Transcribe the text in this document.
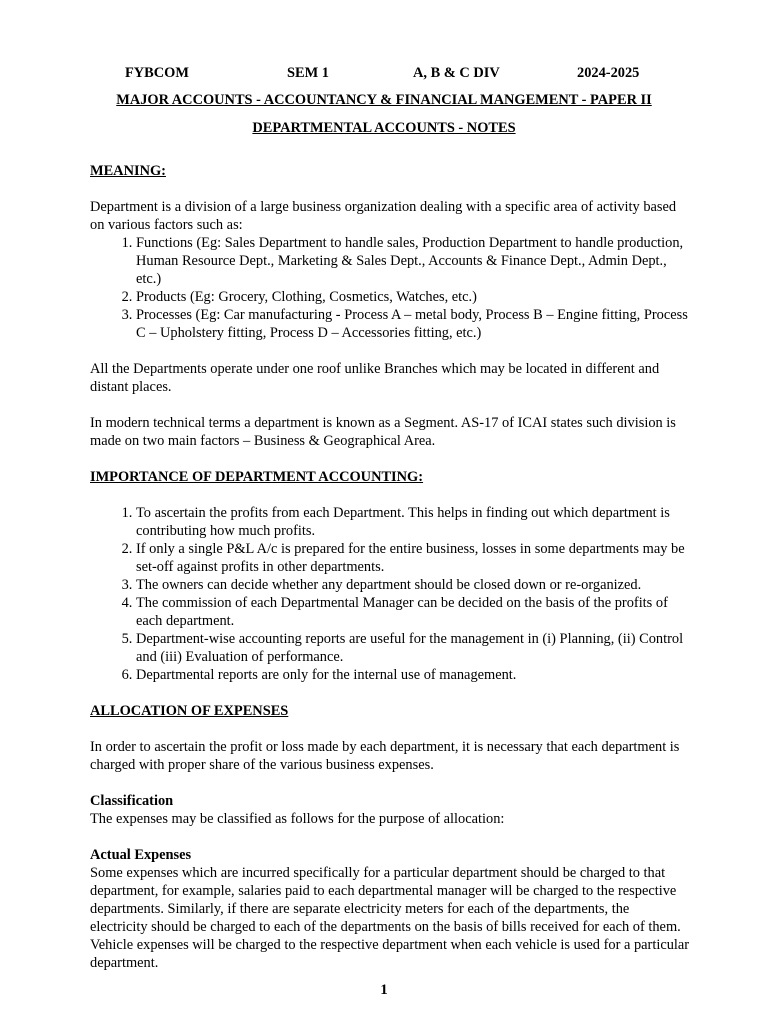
FYBCOM	SEM 1	A, B & C DIV	2024-2025
MAJOR ACCOUNTS - ACCOUNTANCY & FINANCIAL MANGEMENT - PAPER II
DEPARTMENTAL ACCOUNTS - NOTES

MEANING:

Department is a division of a large business organization dealing with a specific area of activity based on various factors such as:

1. Functions (Eg: Sales Department to handle sales, Production Department to handle production, Human Resource Dept., Marketing & Sales Dept., Accounts & Finance Dept., Admin Dept., etc.)
2. Products (Eg: Grocery, Clothing, Cosmetics, Watches, etc.)
3. Processes (Eg: Car manufacturing - Process A – metal body, Process B – Engine fitting, Process C – Upholstery fitting, Process D – Accessories fitting, etc.)

All the Departments operate under one roof unlike Branches which may be located in different and distant places.

In modern technical terms a department is known as a Segment. AS-17 of ICAI states such division is made on two main factors – Business & Geographical Area.

IMPORTANCE OF DEPARTMENT ACCOUNTING:

1. To ascertain the profits from each Department. This helps in finding out which department is contributing how much profits.
2. If only a single P&L A/c is prepared for the entire business, losses in some departments may be set-off against profits in other departments.
3. The owners can decide whether any department should be closed down or re-organized.
4. The commission of each Departmental Manager can be decided on the basis of the profits of each department.
5. Department-wise accounting reports are useful for the management in (i) Planning, (ii) Control and (iii) Evaluation of performance.
6. Departmental reports are only for the internal use of management.

ALLOCATION OF EXPENSES

In order to ascertain the profit or loss made by each department, it is necessary that each department is charged with proper share of the various business expenses.

Classification

The expenses may be classified as follows for the purpose of allocation:

Actual Expenses

Some expenses which are incurred specifically for a particular department should be charged to that department, for example, salaries paid to each departmental manager will be charged to the respective departments. Similarly, if there are separate electricity meters for each of the departments, the electricity should be charged to each of the departments on the basis of bills received for each of them. Vehicle expenses will be charged to the respective department when each vehicle is used for a particular department.

1
